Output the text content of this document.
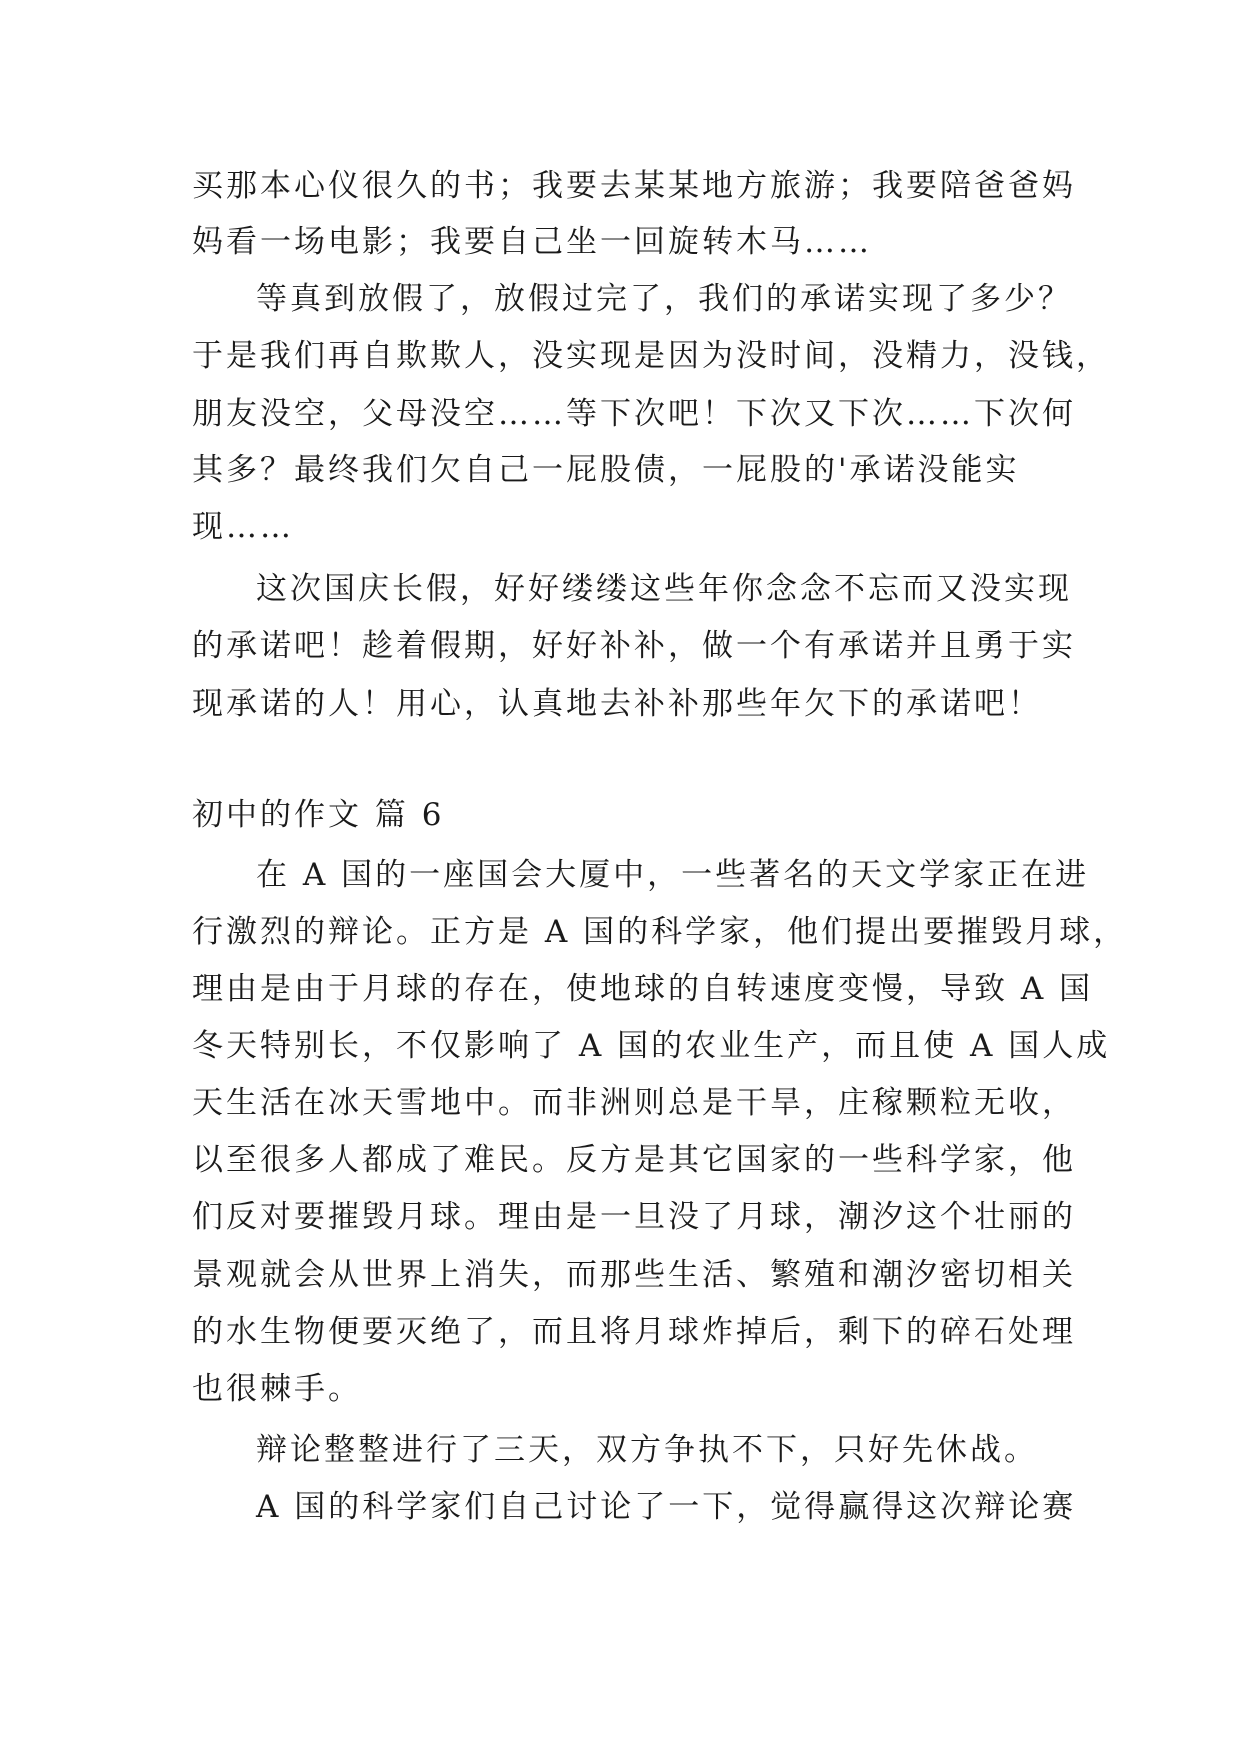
买那本心仪很久的书；我要去某某地方旅游；我要陪爸爸妈
妈看一场电影；我要自己坐一回旋转木马……
等真到放假了，放假过完了，我们的承诺实现了多少？
于是我们再自欺欺人，没实现是因为没时间，没精力，没钱，
朋友没空，父母没空……等下次吧！下次又下次……下次何
其多？最终我们欠自己一屁股债，一屁股的'承诺没能实
现……
这次国庆长假，好好缕缕这些年你念念不忘而又没实现
的承诺吧！趁着假期，好好补补，做一个有承诺并且勇于实
现承诺的人！用心，认真地去补补那些年欠下的承诺吧！
初中的作文 篇 6
在 A 国的一座国会大厦中，一些著名的天文学家正在进
行激烈的辩论。正方是 A 国的科学家，他们提出要摧毁月球，
理由是由于月球的存在，使地球的自转速度变慢，导致 A 国
冬天特别长，不仅影响了 A 国的农业生产，而且使 A 国人成
天生活在冰天雪地中。而非洲则总是干旱，庄稼颗粒无收，
以至很多人都成了难民。反方是其它国家的一些科学家，他
们反对要摧毁月球。理由是一旦没了月球，潮汐这个壮丽的
景观就会从世界上消失，而那些生活、繁殖和潮汐密切相关
的水生物便要灭绝了，而且将月球炸掉后，剩下的碎石处理
也很棘手。
辩论整整进行了三天，双方争执不下，只好先休战。
A 国的科学家们自己讨论了一下，觉得赢得这次辩论赛
